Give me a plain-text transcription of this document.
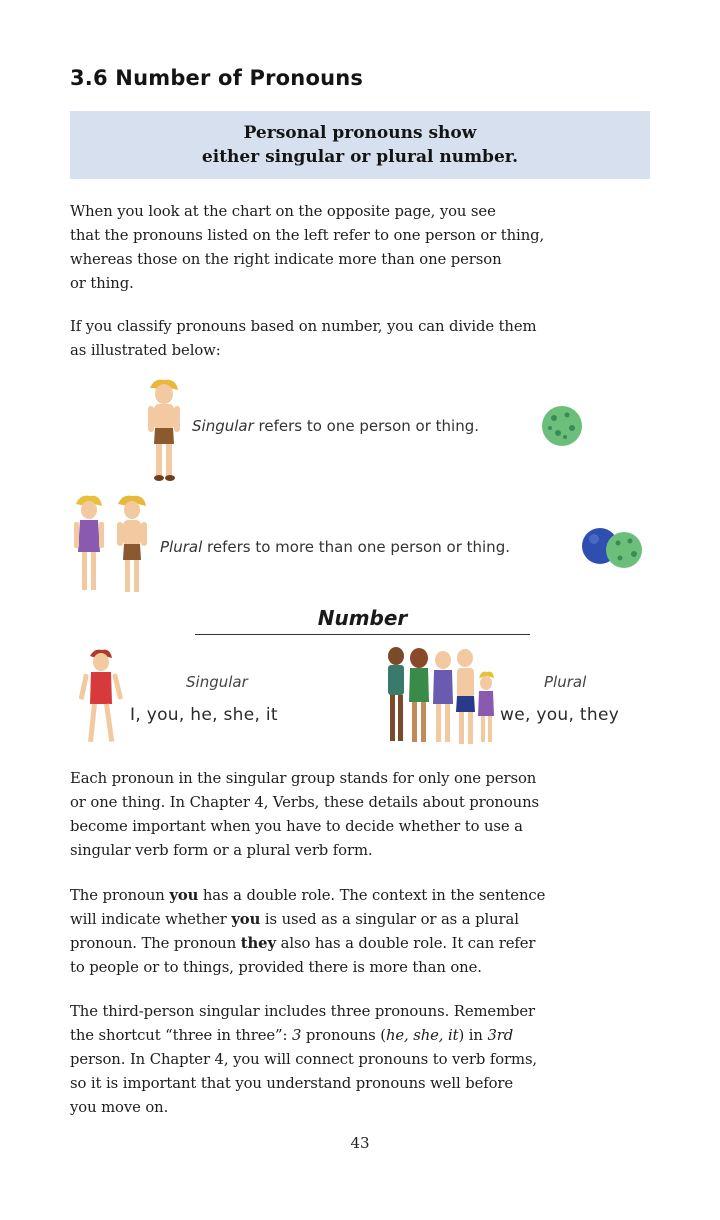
3.6 Number of Pronouns
Personal pronouns show
either singular or plural number.
When you look at the chart on the opposite page, you see
that the pronouns listed on the left refer to one person or thing,
whereas those on the right indicate more than one person
or thing.
If you classify pronouns based on number, you can divide them
as illustrated below:
Singular refers to one person or thing.
Plural refers to more than one person or thing.
Number
Singular
I, you, he, she, it
Plural
we, you, they
Each pronoun in the singular group stands for only one person
or one thing. In Chapter 4, Verbs, these details about pronouns
become important when you have to decide whether to use a
singular verb form or a plural verb form.
The pronoun you has a double role. The context in the sentence
will indicate whether you is used as a singular or as a plural
pronoun. The pronoun they also has a double role. It can refer
to people or to things, provided there is more than one.
The third-person singular includes three pronouns. Remember
the shortcut “three in three”: 3 pronouns (he, she, it) in 3rd
person. In Chapter 4, you will connect pronouns to verb forms,
so it is important that you understand pronouns well before
you move on.
43
